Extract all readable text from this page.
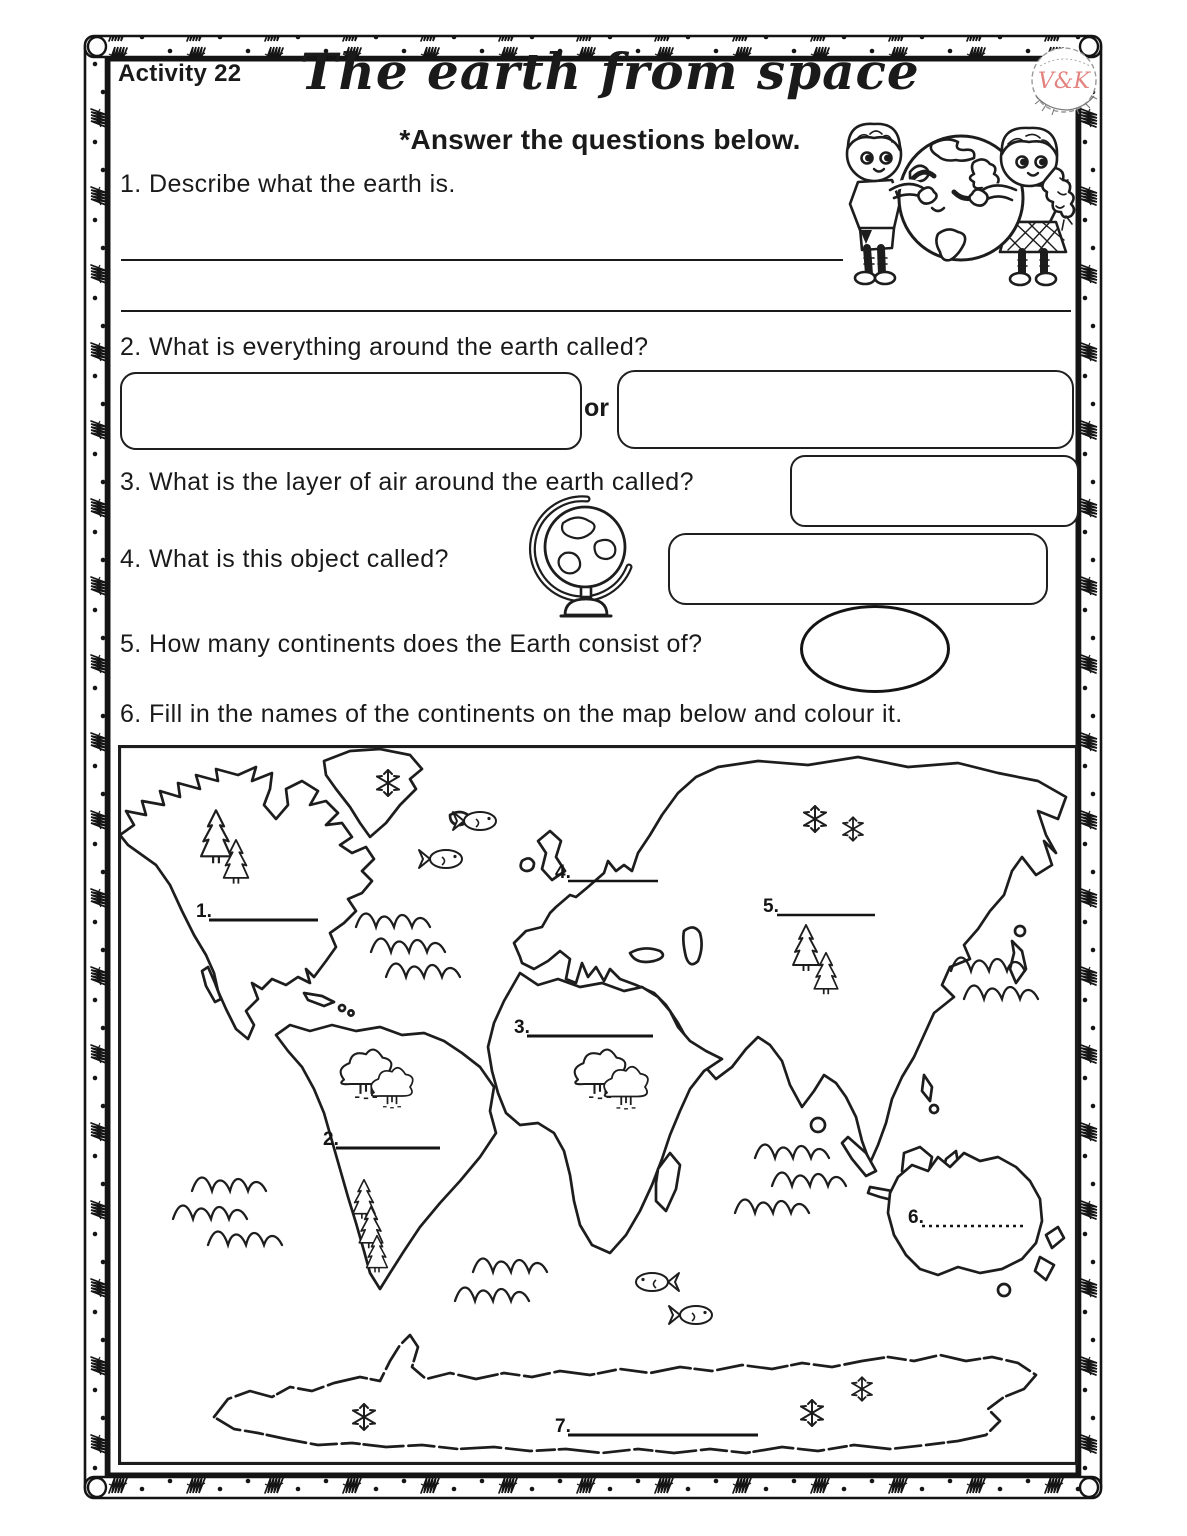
Activity 22 The earth from space
*Answer the questions below.
V&K
1. Describe what the earth is.
2. What is everything around the earth called?
or
3. What is the layer of air around the earth called?
4. What is this object called?
5. How many continents does the Earth consist of?
6. Fill in the names of the continents on the map below and colour it.
1.
2.
3.
4.
5.
6.
7.
